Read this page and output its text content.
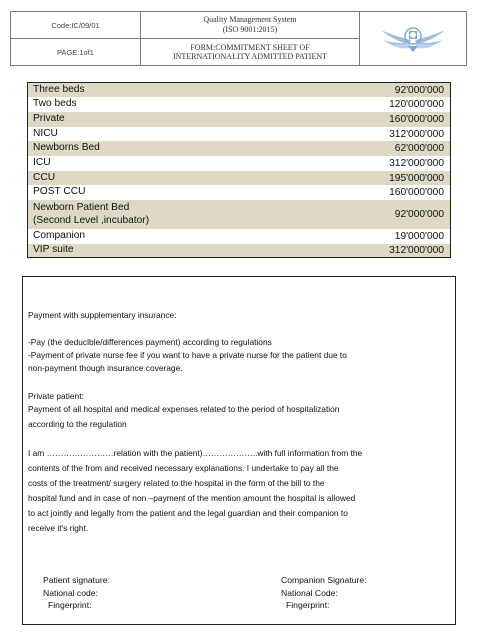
Code:IC/09/01
PAGE:1of1
Quality Management System
(ISO 9001:2015)
FORM:COMMITMENT SHEET OF
INTERNATIONALITY ADMITTED PATIENT
Three beds	92'000'000
Two beds	120'000'000
Private	160'000'000
NICU	312'000'000
Newborns Bed	62'000'000
ICU	312'000'000
CCU	195'000'000
POST CCU	160'000'000
Newborn Patient Bed
(Second Level ,incubator)	92'000'000
Companion	19'000'000
VIP suite	312'000'000
Payment with supplementary insurance:
-Pay (the deduclble/differences payment) according to regulations
-Payment of private nurse fee if you want to have a private nurse for the patient due to
non-payment though insurance coverage.
Private patient:
Payment of all hospital and medical expenses related to the period of hospitalization
according to the regulation
I am ……………………relation with the patient)………………..with full information from the
contents of the from and received necessary explanations. I undertake to pay all the
costs of the treatment/ surgery related to the hospital in the form of the bill to the
hospital fund and in case of non –payment of the mention amount the hospital is allowed
to act jointly and legally from the patient and the legal guardian and their companion to
receive it's right.
Patient signature:
National code:
Fingerprint:
Companion Signature:
National Code:
Fingerprint:
